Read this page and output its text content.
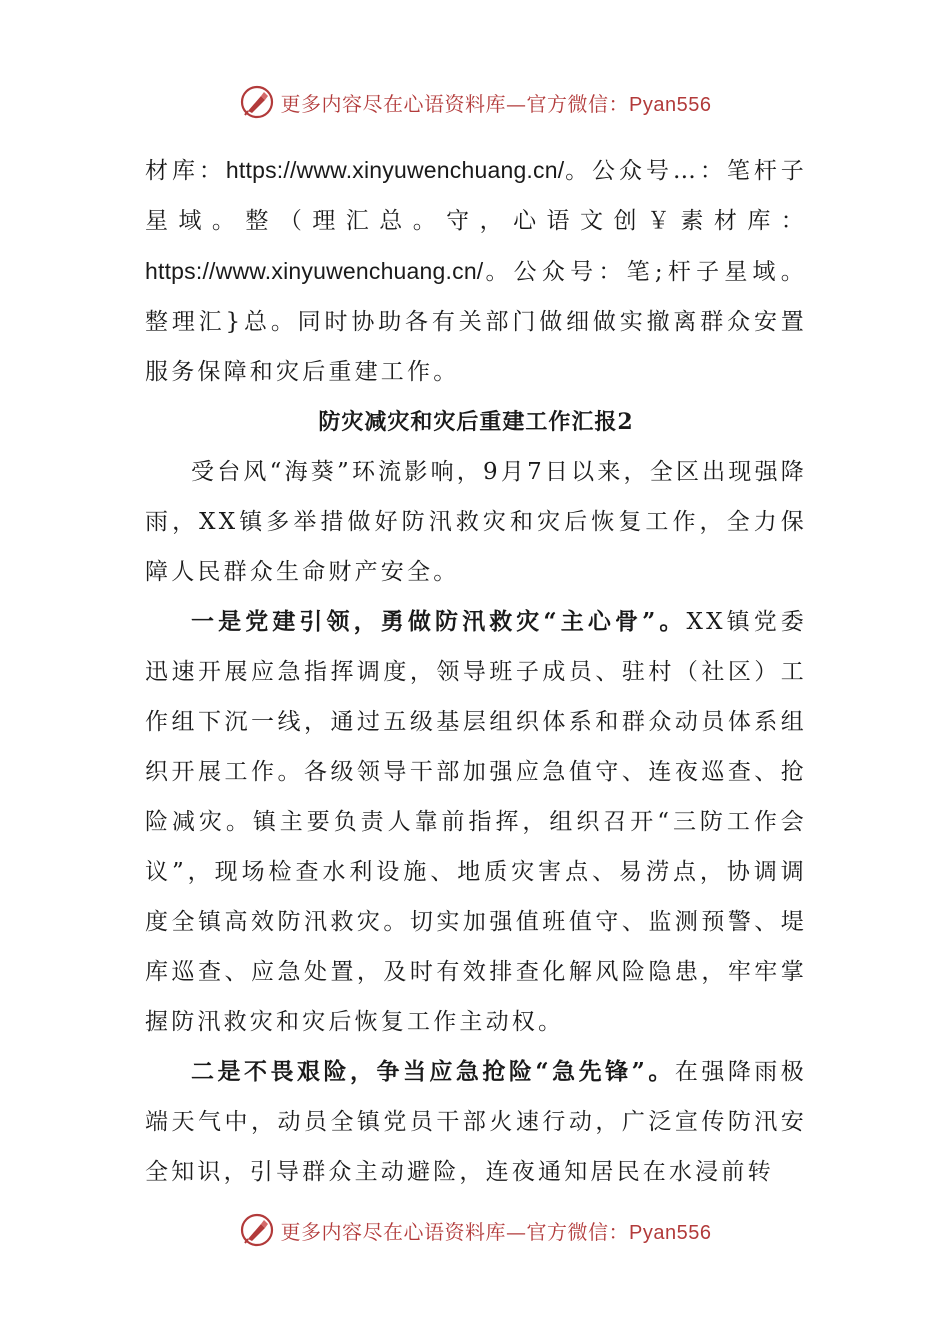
更多内容尽在心语资料库—官方微信：Pyan556

材库：https://www.xinyuwenchuang.cn/。公众号…：笔杆子星域。整（理汇总。守，心语文创￥素材库：https://www.xinyuwenchuang.cn/。公众号：笔;杆子星域。整理汇}总。同时协助各有关部门做细做实撤离群众安置服务保障和灾后重建工作。

防灾减灾和灾后重建工作汇报2

受台风“海葵”环流影响，9月7日以来，全区出现强降雨，XX镇多举措做好防汛救灾和灾后恢复工作，全力保障人民群众生命财产安全。

一是党建引领，勇做防汛救灾“主心骨”。XX镇党委迅速开展应急指挥调度，领导班子成员、驻村（社区）工作组下沉一线，通过五级基层组织体系和群众动员体系组织开展工作。各级领导干部加强应急值守、连夜巡查、抢险减灾。镇主要负责人靠前指挥，组织召开“三防工作会议”，现场检查水利设施、地质灾害点、易涝点，协调调度全镇高效防汛救灾。切实加强值班值守、监测预警、堤库巡查、应急处置，及时有效排查化解风险隐患，牢牢掌握防汛救灾和灾后恢复工作主动权。

二是不畏艰险，争当应急抢险“急先锋”。在强降雨极端天气中，动员全镇党员干部火速行动，广泛宣传防汛安全知识，引导群众主动避险，连夜通知居民在水浸前转

更多内容尽在心语资料库—官方微信：Pyan556
